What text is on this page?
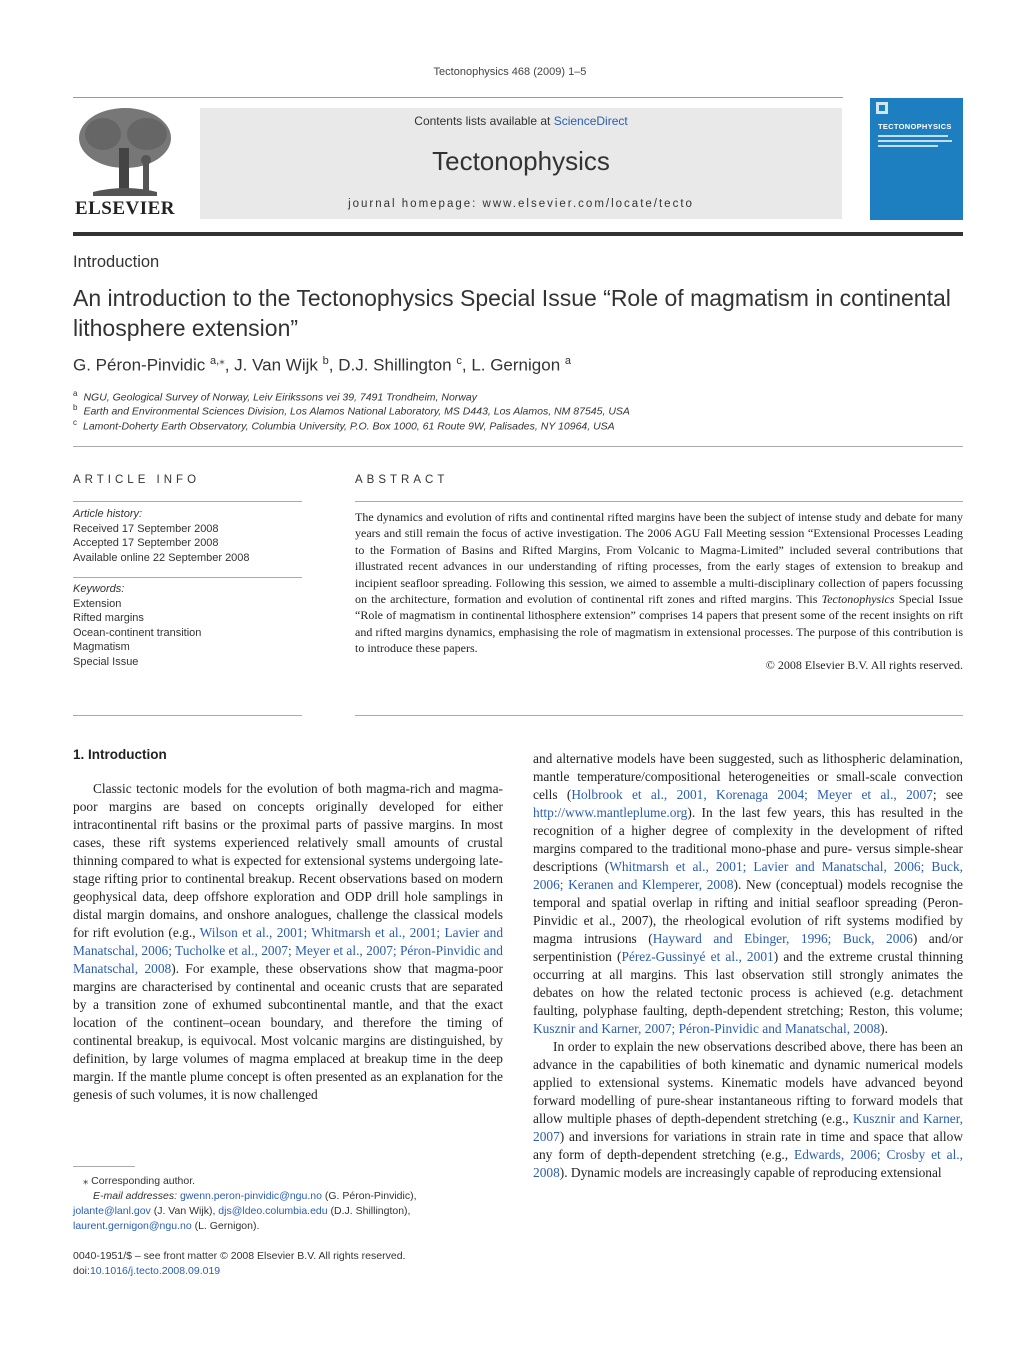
Tectonophysics 468 (2009) 1–5
ELSEVIER
Contents lists available at ScienceDirect
Tectonophysics
journal homepage: www.elsevier.com/locate/tecto
TECTONOPHYSICS
Introduction
An introduction to the Tectonophysics Special Issue “Role of magmatism in continental lithosphere extension”
G. Péron-Pinvidic $^{a,⁎}$, J. Van Wijk $^b$, D.J. Shillington $^c$, L. Gernigon $^a$
$^a$ NGU, Geological Survey of Norway, Leiv Eirikssons vei 39, 7491 Trondheim, Norway
$^b$ Earth and Environmental Sciences Division, Los Alamos National Laboratory, MS D443, Los Alamos, NM 87545, USA
$^c$ Lamont-Doherty Earth Observatory, Columbia University, P.O. Box 1000, 61 Route 9W, Palisades, NY 10964, USA
ARTICLE INFO
Article history:
Received 17 September 2008
Accepted 17 September 2008
Available online 22 September 2008
Keywords:
Extension
Rifted margins
Ocean-continent transition
Magmatism
Special Issue
ABSTRACT
The dynamics and evolution of rifts and continental rifted margins have been the subject of intense study and debate for many years and still remain the focus of active investigation. The 2006 AGU Fall Meeting session “Extensional Processes Leading to the Formation of Basins and Rifted Margins, From Volcanic to Magma-Limited” included several contributions that illustrated recent advances in our understanding of rifting processes, from the early stages of extension to breakup and incipient seafloor spreading. Following this session, we aimed to assemble a multi-disciplinary collection of papers focussing on the architecture, formation and evolution of continental rift zones and rifted margins. This Tectonophysics Special Issue “Role of magmatism in continental lithosphere extension” comprises 14 papers that present some of the recent insights on rift and rifted margins dynamics, emphasising the role of magmatism in extensional processes. The purpose of this contribution is to introduce these papers.
© 2008 Elsevier B.V. All rights reserved.

1. Introduction

Classic tectonic models for the evolution of both magma-rich and magma-poor margins are based on concepts originally developed for either intracontinental rift basins or the proximal parts of passive margins. In most cases, these rift systems experienced relatively small amounts of crustal thinning compared to what is expected for extensional systems undergoing late-stage rifting prior to continental breakup. Recent observations based on modern geophysical data, deep offshore exploration and ODP drill hole samplings in distal margin domains, and onshore analogues, challenge the classical models for rift evolution (e.g., Wilson et al., 2001; Whitmarsh et al., 2001; Lavier and Manatschal, 2006; Tucholke et al., 2007; Meyer et al., 2007; Péron-Pinvidic and Manatschal, 2008). For example, these observations show that magma-poor margins are characterised by continental and oceanic crusts that are separated by a transition zone of exhumed subcontinental mantle, and that the exact location of the continent–ocean boundary, and therefore the timing of continental breakup, is equivocal. Most volcanic margins are distinguished, by definition, by large volumes of magma emplaced at breakup time in the deep margin. If the mantle plume concept is often presented as an explanation for the genesis of such volumes, it is now challenged

⁎ Corresponding author.
E-mail addresses: gwenn.peron-pinvidic@ngu.no (G. Péron-Pinvidic),
jolante@lanl.gov (J. Van Wijk), djs@ldeo.columbia.edu (D.J. Shillington),
laurent.gernigon@ngu.no (L. Gernigon).
0040-1951/$ – see front matter © 2008 Elsevier B.V. All rights reserved.
doi:10.1016/j.tecto.2008.09.019

and alternative models have been suggested, such as lithospheric delamination, mantle temperature/compositional heterogeneities or small-scale convection cells (Holbrook et al., 2001, Korenaga 2004; Meyer et al., 2007; see http://www.mantleplume.org). In the last few years, this has resulted in the recognition of a higher degree of complexity in the development of rifted margins compared to the traditional mono-phase and pure- versus simple-shear descriptions (Whitmarsh et al., 2001; Lavier and Manatschal, 2006; Buck, 2006; Keranen and Klemperer, 2008). New (conceptual) models recognise the temporal and spatial overlap in rifting and initial seafloor spreading (Peron-Pinvidic et al., 2007), the rheological evolution of rift systems modified by magma intrusions (Hayward and Ebinger, 1996; Buck, 2006) and/or serpentinistion (Pérez-Gussinyé et al., 2001) and the extreme crustal thinning occurring at all margins. This last observation still strongly animates the debates on how the related tectonic process is achieved (e.g. detachment faulting, polyphase faulting, depth-dependent stretching; Reston, this volume; Kusznir and Karner, 2007; Péron-Pinvidic and Manatschal, 2008).

In order to explain the new observations described above, there has been an advance in the capabilities of both kinematic and dynamic numerical models applied to extensional systems. Kinematic models have advanced beyond forward modelling of pure-shear instantaneous rifting to forward models that allow multiple phases of depth-dependent stretching (e.g., Kusznir and Karner, 2007) and inversions for variations in strain rate in time and space that allow any form of depth-dependent stretching (e.g., Edwards, 2006; Crosby et al., 2008). Dynamic models are increasingly capable of reproducing extensional
